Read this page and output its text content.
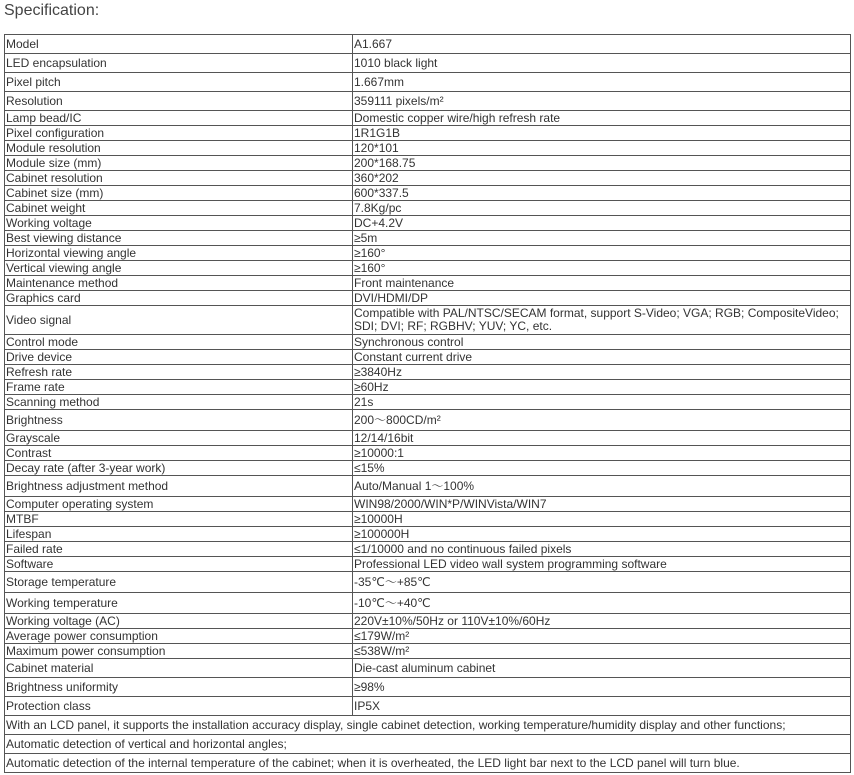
Specification:
Model	A1.667
LED encapsulation	1010 black light
Pixel pitch	1.667mm
Resolution	359111 pixels/m²
Lamp bead/IC	Domestic copper wire/high refresh rate
Pixel configuration	1R1G1B
Module resolution	120*101
Module size (mm)	200*168.75
Cabinet resolution	360*202
Cabinet size (mm)	600*337.5
Cabinet weight	7.8Kg/pc
Working voltage	DC+4.2V
Best viewing distance	≥5m
Horizontal viewing angle	≥160°
Vertical viewing angle	≥160°
Maintenance method	Front maintenance
Graphics card	DVI/HDMI/DP
Video signal	Compatible with PAL/NTSC/SECAM format, support S-Video; VGA; RGB; CompositeVideo; SDI; DVI; RF; RGBHV; YUV; YC, etc.
Control mode	Synchronous control
Drive device	Constant current drive
Refresh rate	≥3840Hz
Frame rate	≥60Hz
Scanning method	21s
Brightness	200～800CD/m²
Grayscale	12/14/16bit
Contrast	≥10000:1
Decay rate (after 3-year work)	≤15%
Brightness adjustment method	Auto/Manual 1～100%
Computer operating system	WIN98/2000/WIN*P/WINVista/WIN7
MTBF	≥10000H
Lifespan	≥100000H
Failed rate	≤1/10000 and no continuous failed pixels
Software	Professional LED video wall system programming software
Storage temperature	-35℃～+85℃
Working temperature	-10℃～+40℃
Working voltage (AC)	220V±10%/50Hz or 110V±10%/60Hz
Average power consumption	≤179W/m²
Maximum power consumption	≤538W/m²
Cabinet material	Die-cast aluminum cabinet
Brightness uniformity	≥98%
Protection class	IP5X
With an LCD panel, it supports the installation accuracy display, single cabinet detection, working temperature/humidity display and other functions;	
Automatic detection of vertical and horizontal angles;	
Automatic detection of the internal temperature of the cabinet; when it is overheated, the LED light bar next to the LCD panel will turn blue.	
